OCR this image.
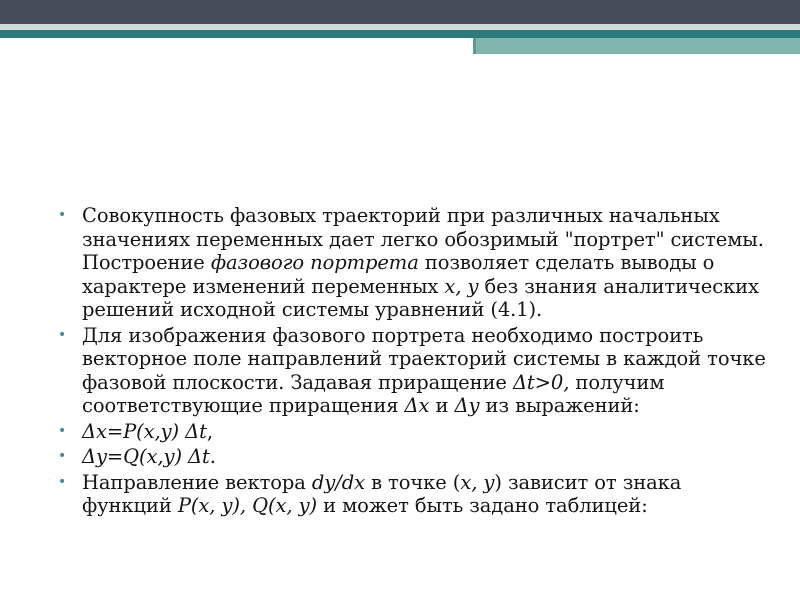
• Совокупность фазовых траекторий при различных начальных значениях переменных дает легко обозримый "портрет" системы. Построение фазового портрета позволяет сделать выводы о характере изменений переменных x, y без знания аналитических решений исходной системы уравнений (4.1).

• Для изображения фазового портрета необходимо построить векторное поле направлений траекторий системы в каждой точке фазовой плоскости. Задавая приращение Δt>0, получим соответствующие приращения Δx и Δy из выражений:

• Δx=P(x,y) Δt,

• Δy=Q(x,y) Δt.

• Направление вектора dy/dx в точке (x, y) зависит от знака функций P(x, y), Q(x, y) и может быть задано таблицей:
